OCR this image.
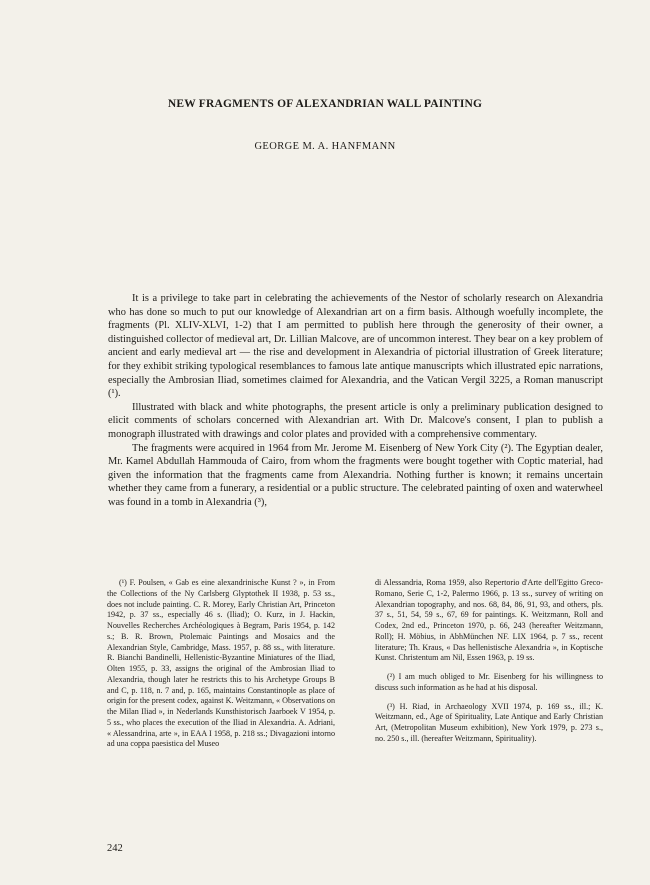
NEW FRAGMENTS OF ALEXANDRIAN WALL PAINTING
GEORGE M. A. HANFMANN

It is a privilege to take part in celebrating the achievements of the Nestor of scholarly research on Alexandria who has done so much to put our knowledge of Alexandrian art on a firm basis. Although woefully incomplete, the fragments (Pl. XLIV-XLVI, 1-2) that I am permitted to publish here through the generosity of their owner, a distinguished collector of medieval art, Dr. Lillian Malcove, are of uncommon interest. They bear on a key problem of ancient and early medieval art — the rise and development in Alexandria of pictorial illustration of Greek literature; for they exhibit striking typological resemblances to famous late antique manuscripts which illustrated epic narrations, especially the Ambrosian Iliad, sometimes claimed for Alexandria, and the Vatican Vergil 3225, a Roman manuscript (¹).

Illustrated with black and white photographs, the present article is only a preliminary publication designed to elicit comments of scholars concerned with Alexandrian art. With Dr. Malcove's consent, I plan to publish a monograph illustrated with drawings and color plates and provided with a comprehensive commentary.

The fragments were acquired in 1964 from Mr. Jerome M. Eisenberg of New York City (²). The Egyptian dealer, Mr. Kamel Abdullah Hammouda of Cairo, from whom the fragments were bought together with Coptic material, had given the information that the fragments came from Alexandria. Nothing further is known; it remains uncertain whether they came from a funerary, a residential or a public structure. The celebrated painting of oxen and waterwheel was found in a tomb in Alexandria (³),

(¹) F. Poulsen, « Gab es eine alexandrinische Kunst ? », in From the Collections of the Ny Carlsberg Glyptothek II 1938, p. 53 ss., does not include painting. C. R. Morey, Early Christian Art, Princeton 1942, p. 37 ss., especially 46 s. (Iliad); O. Kurz, in J. Hackin, Nouvelles Recherches Archéologiques à Begram, Paris 1954, p. 142 s.; B. R. Brown, Ptolemaic Paintings and Mosaics and the Alexandrian Style, Cambridge, Mass. 1957, p. 88 ss., with literature. R. Bianchi Bandinelli, Hellenistic-Byzantine Miniatures of the Iliad, Olten 1955, p. 33, assigns the original of the Ambrosian Iliad to Alexandria, though later he restricts this to his Archetype Groups B and C, p. 118, n. 7 and, p. 165, maintains Constantinople as place of origin for the present codex, against K. Weitzmann, « Observations on the Milan Iliad », in Nederlands Kunsthistorisch Jaarboek V 1954, p. 5 ss., who places the execution of the Iliad in Alexandria. A. Adriani, « Alessandrina, arte », in EAA I 1958, p. 218 ss.; Divagazioni intorno ad una coppa paesistica del Museo

di Alessandria, Roma 1959, also Repertorio d'Arte dell'Egitto Greco-Romano, Serie C, 1-2, Palermo 1966, p. 13 ss., survey of writing on Alexandrian topography, and nos. 68, 84, 86, 91, 93, and others, pls. 37 s., 51, 54, 59 s., 67, 69 for paintings. K. Weitzmann, Roll and Codex, 2nd ed., Princeton 1970, p. 66, 243 (hereafter Weitzmann, Roll); H. Möbius, in AbhMünchen NF. LIX 1964, p. 7 ss., recent literature; Th. Kraus, « Das hellenistische Alexandria », in Koptische Kunst. Christentum am Nil, Essen 1963, p. 19 ss.

(²) I am much obliged to Mr. Eisenberg for his willingness to discuss such information as he had at his disposal.

(³) H. Riad, in Archaeology XVII 1974, p. 169 ss., ill.; K. Weitzmann, ed., Age of Spirituality, Late Antique and Early Christian Art, (Metropolitan Museum exhibition), New York 1979, p. 273 s., no. 250 s., ill. (hereafter Weitzmann, Spirituality).

242
